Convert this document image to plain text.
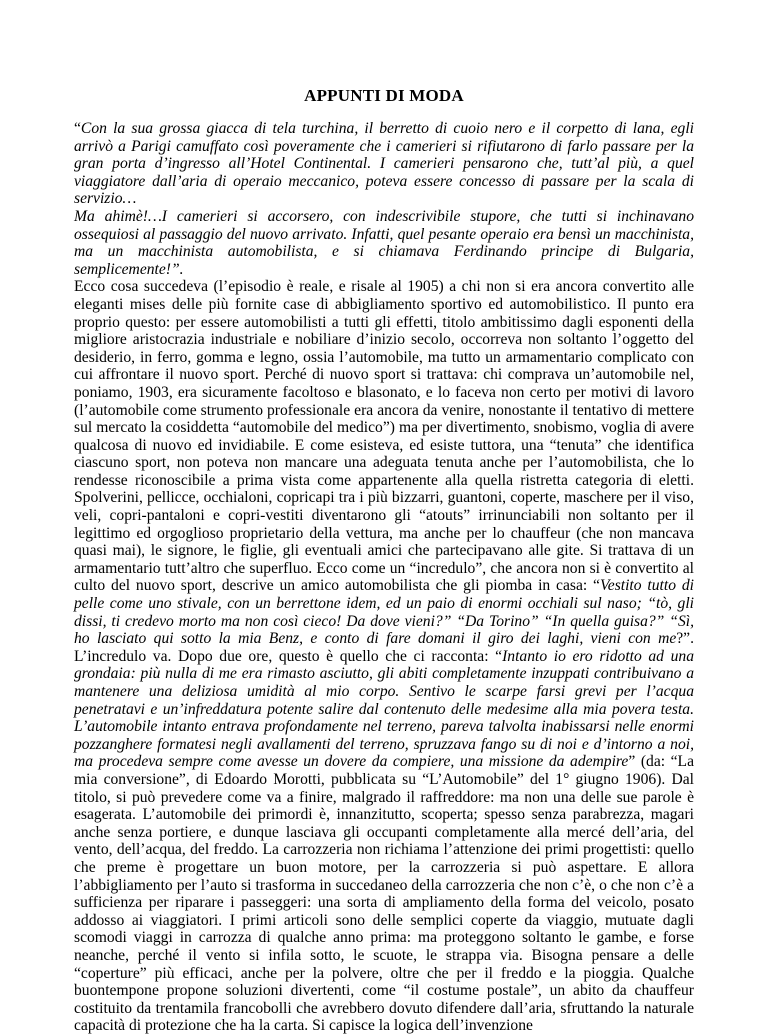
APPUNTI DI MODA

“Con la sua grossa giacca di tela turchina, il berretto di cuoio nero e il corpetto di lana, egli arrivò a Parigi camuffato così poveramente che i camerieri si rifiutarono di farlo passare per la gran porta d’ingresso all’Hotel Continental. I camerieri pensarono che, tutt’al più, a quel viaggiatore dall’aria di operaio meccanico, poteva essere concesso di passare per la scala di servizio…

Ma ahimè!…I camerieri si accorsero, con indescrivibile stupore, che tutti si inchinavano ossequiosi al passaggio del nuovo arrivato. Infatti, quel pesante operaio era bensì un macchinista, ma un macchinista automobilista, e si chiamava Ferdinando principe di Bulgaria, semplicemente!”.

Ecco cosa succedeva (l’episodio è reale, e risale al 1905) a chi non si era ancora convertito alle eleganti mises delle più fornite case di abbigliamento sportivo ed automobilistico. Il punto era proprio questo: per essere automobilisti a tutti gli effetti, titolo ambitissimo dagli esponenti della migliore aristocrazia industriale e nobiliare d’inizio secolo, occorreva non soltanto l’oggetto del desiderio, in ferro, gomma e legno, ossia l’automobile, ma tutto un armamentario complicato con cui affrontare il nuovo sport. Perché di nuovo sport si trattava: chi comprava un’automobile nel, poniamo, 1903, era sicuramente facoltoso e blasonato, e lo faceva non certo per motivi di lavoro (l’automobile come strumento professionale era ancora da venire, nonostante il tentativo di mettere sul mercato la cosiddetta “automobile del medico”) ma per divertimento, snobismo, voglia di avere qualcosa di nuovo ed invidiabile. E come esisteva, ed esiste tuttora, una “tenuta” che identifica ciascuno sport, non poteva non mancare una adeguata tenuta anche per l’automobilista, che lo rendesse riconoscibile a prima vista come appartenente alla quella ristretta categoria di eletti. Spolverini, pellicce, occhialoni, copricapi tra i più bizzarri, guantoni, coperte, maschere per il viso, veli, copri-pantaloni e copri-vestiti diventarono gli “atouts” irrinunciabili non soltanto per il legittimo ed orgoglioso proprietario della vettura, ma anche per lo chauffeur (che non mancava quasi mai), le signore, le figlie, gli eventuali amici che partecipavano alle gite. Si trattava di un armamentario tutt’altro che superfluo. Ecco come un “incredulo”, che ancora non si è convertito al culto del nuovo sport, descrive un amico automobilista che gli piomba in casa: “Vestito tutto di pelle come uno stivale, con un berrettone idem, ed un paio di enormi occhiali sul naso; “tò, gli dissi, ti credevo morto ma non così cieco! Da dove vieni?” “Da Torino” “In quella guisa?” “Sì, ho lasciato qui sotto la mia Benz, e conto di fare domani il giro dei laghi, vieni con me?”. L’incredulo va. Dopo due ore, questo è quello che ci racconta: “Intanto io ero ridotto ad una grondaia: più nulla di me era rimasto asciutto, gli abiti completamente inzuppati contribuivano a mantenere una deliziosa umidità al mio corpo. Sentivo le scarpe farsi grevi per l’acqua penetratavi e un’infreddatura potente salire dal contenuto delle medesime alla mia povera testa. L’automobile intanto entrava profondamente nel terreno, pareva talvolta inabissarsi nelle enormi pozzanghere formatesi negli avallamenti del terreno, spruzzava fango su di noi e d’intorno a noi, ma procedeva sempre come avesse un dovere da compiere, una missione da adempire” (da: “La mia conversione”, di Edoardo Morotti, pubblicata su “L’Automobile” del 1° giugno 1906). Dal titolo, si può prevedere come va a finire, malgrado il raffreddore: ma non una delle sue parole è esagerata. L’automobile dei primordi è, innanzitutto, scoperta; spesso senza parabrezza, magari anche senza portiere, e dunque lasciava gli occupanti completamente alla mercé dell’aria, del vento, dell’acqua, del freddo. La carrozzeria non richiama l’attenzione dei primi progettisti: quello che preme è progettare un buon motore, per la carrozzeria si può aspettare. E allora l’abbigliamento per l’auto si trasforma in succedaneo della carrozzeria che non c’è, o che non c’è a sufficienza per riparare i passeggeri: una sorta di ampliamento della forma del veicolo, posato addosso ai viaggiatori. I primi articoli sono delle semplici coperte da viaggio, mutuate dagli scomodi viaggi in carrozza di qualche anno prima: ma proteggono soltanto le gambe, e forse neanche, perché il vento si infila sotto, le scuote, le strappa via. Bisogna pensare a delle “coperture” più efficaci, anche per la polvere, oltre che per il freddo e la pioggia. Qualche buontempone propone soluzioni divertenti, come “il costume postale”, un abito da chauffeur costituito da trentamila francobolli che avrebbero dovuto difendere dall’aria, sfruttando la naturale capacità di protezione che ha la carta. Si capisce la logica dell’invenzione
